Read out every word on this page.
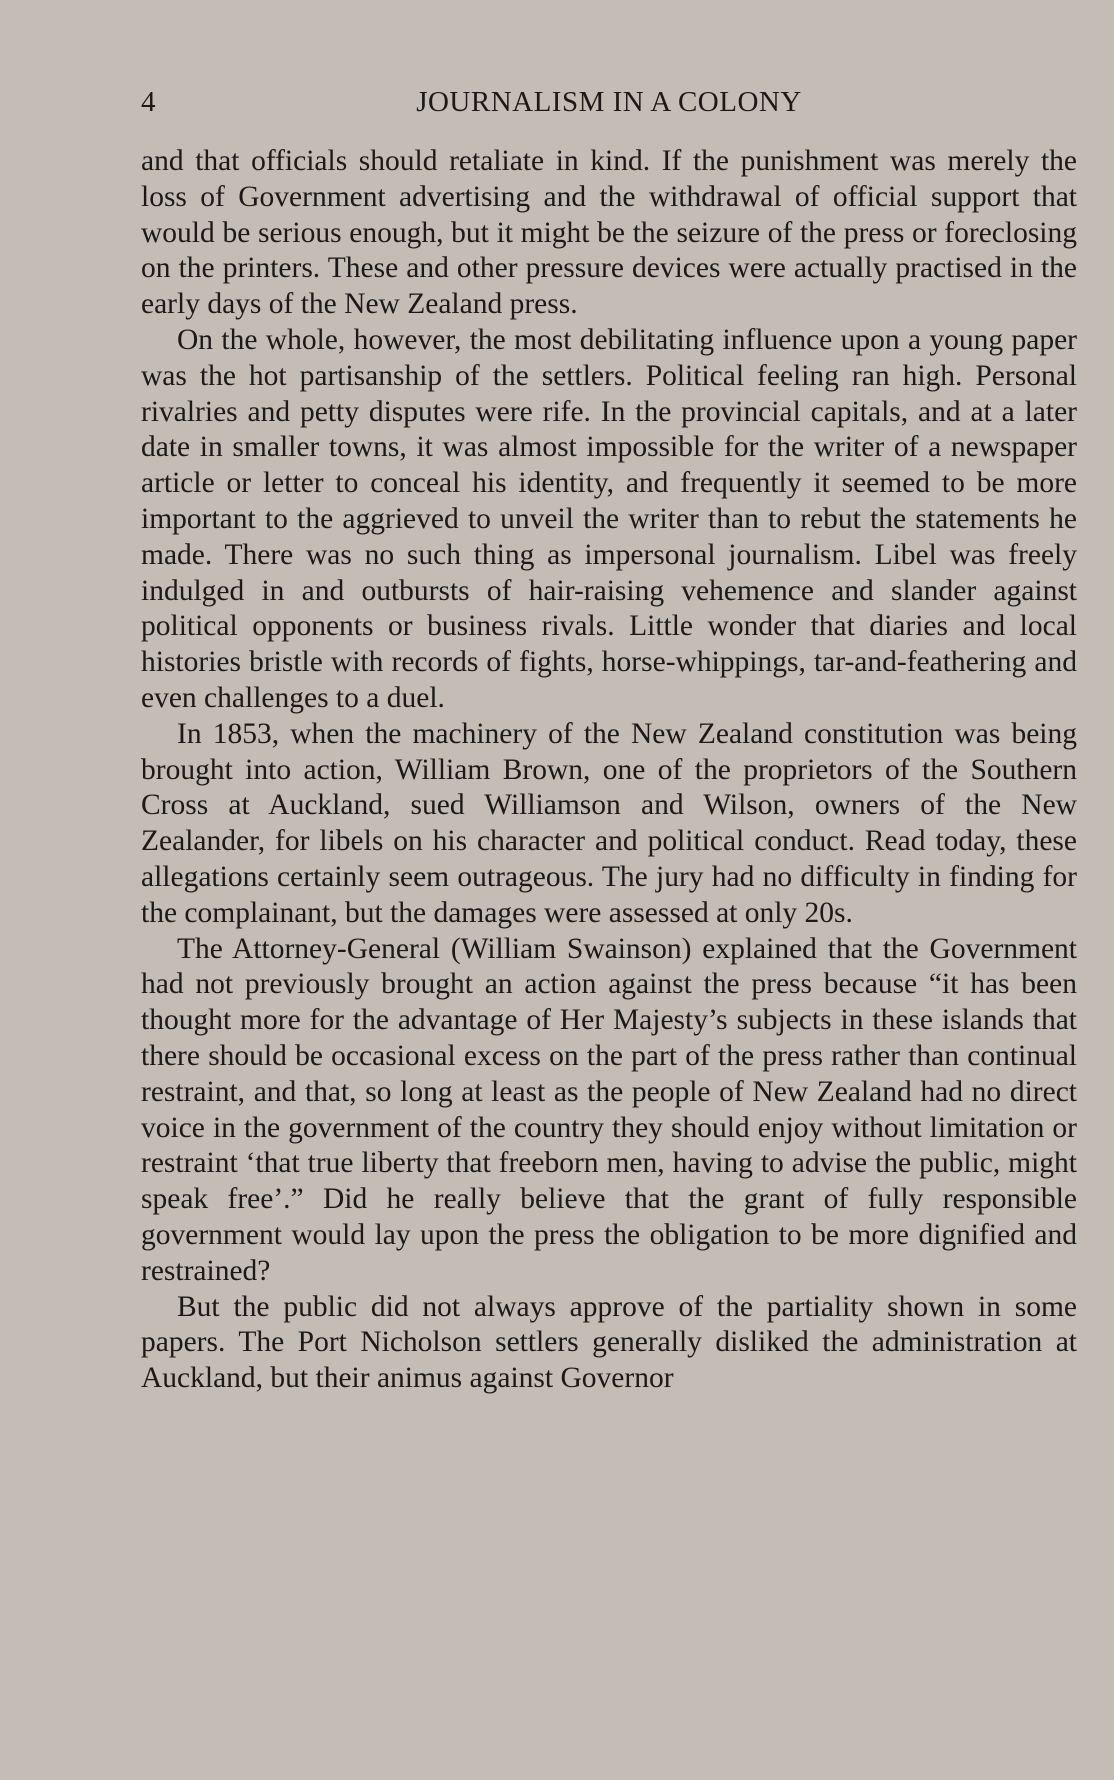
4	JOURNALISM IN A COLONY

and that officials should retaliate in kind. If the punishment was merely the loss of Government advertising and the withdrawal of official support that would be serious enough, but it might be the seizure of the press or foreclosing on the printers. These and other pressure devices were actually practised in the early days of the New Zealand press.

On the whole, however, the most debilitating influence upon a young paper was the hot partisanship of the settlers. Political feeling ran high. Personal rivalries and petty disputes were rife. In the provincial capitals, and at a later date in smaller towns, it was almost impossible for the writer of a newspaper article or letter to conceal his identity, and frequently it seemed to be more important to the aggrieved to unveil the writer than to rebut the statements he made. There was no such thing as impersonal journalism. Libel was freely indulged in and outbursts of hair-raising vehemence and slander against political opponents or business rivals. Little wonder that diaries and local histories bristle with records of fights, horse-whippings, tar-and-feathering and even challenges to a duel.

In 1853, when the machinery of the New Zealand constitution was being brought into action, William Brown, one of the proprietors of the Southern Cross at Auckland, sued Williamson and Wilson, owners of the New Zealander, for libels on his character and political conduct. Read today, these allegations certainly seem outrageous. The jury had no difficulty in finding for the complainant, but the damages were assessed at only 20s.

The Attorney-General (William Swainson) explained that the Government had not previously brought an action against the press because “it has been thought more for the advantage of Her Majesty’s subjects in these islands that there should be occasional excess on the part of the press rather than continual restraint, and that, so long at least as the people of New Zealand had no direct voice in the government of the country they should enjoy without limitation or restraint ‘that true liberty that freeborn men, having to advise the public, might speak free’.” Did he really believe that the grant of fully responsible government would lay upon the press the obligation to be more dignified and restrained?

But the public did not always approve of the partiality shown in some papers. The Port Nicholson settlers generally disliked the administration at Auckland, but their animus against Governor
